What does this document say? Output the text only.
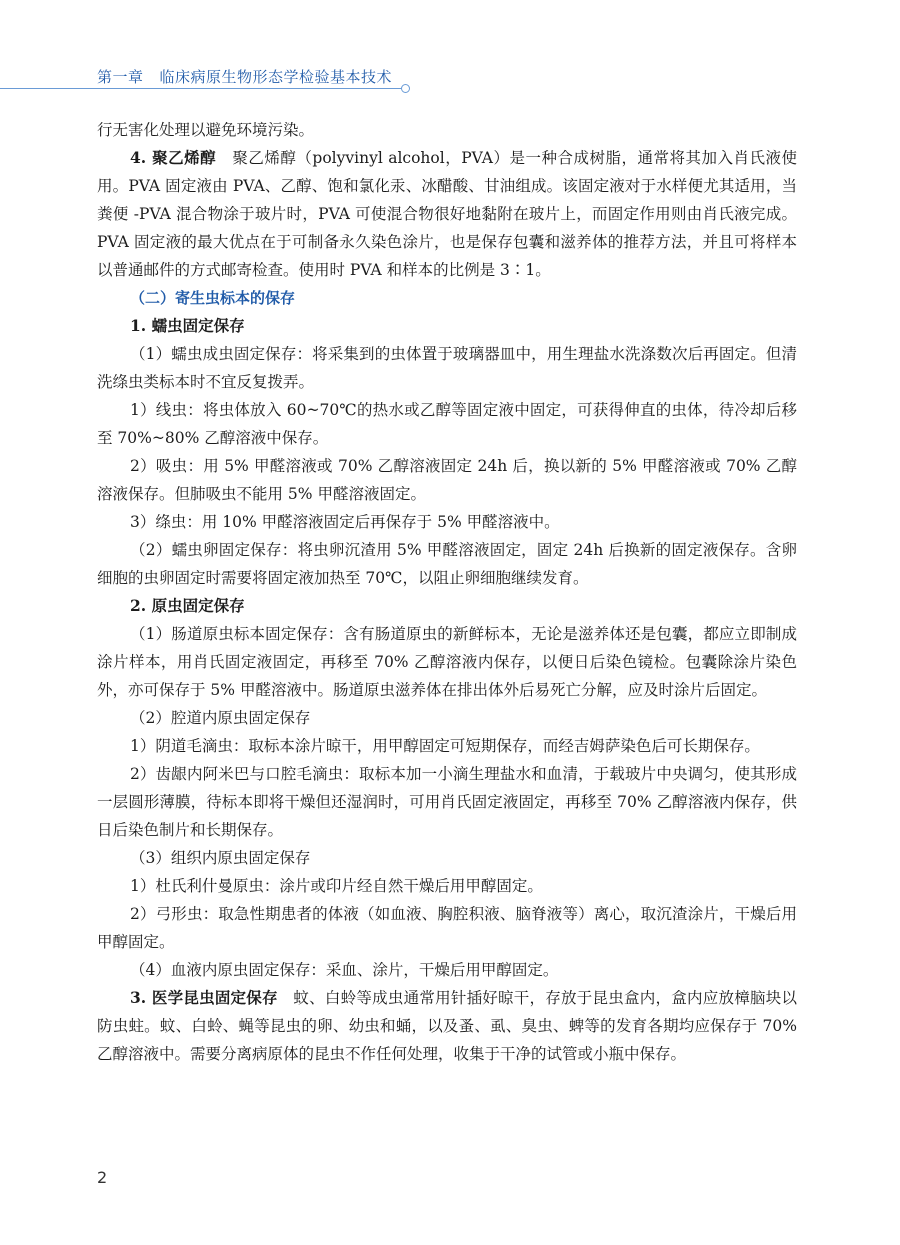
第一章 临床病原生物形态学检验基本技术

行无害化处理以避免环境污染。

4. 聚乙烯醇 聚乙烯醇（polyvinyl alcohol，PVA）是一种合成树脂，通常将其加入肖氏液使用。PVA 固定液由 PVA、乙醇、饱和氯化汞、冰醋酸、甘油组成。该固定液对于水样便尤其适用，当粪便 -PVA 混合物涂于玻片时，PVA 可使混合物很好地黏附在玻片上，而固定作用则由肖氏液完成。PVA 固定液的最大优点在于可制备永久染色涂片，也是保存包囊和滋养体的推荐方法，并且可将样本以普通邮件的方式邮寄检查。使用时 PVA 和样本的比例是 3∶1。

（二）寄生虫标本的保存

1. 蠕虫固定保存

（1）蠕虫成虫固定保存：将采集到的虫体置于玻璃器皿中，用生理盐水洗涤数次后再固定。但清洗绦虫类标本时不宜反复拨弄。

1）线虫：将虫体放入 60~70℃的热水或乙醇等固定液中固定，可获得伸直的虫体，待冷却后移至 70%~80% 乙醇溶液中保存。

2）吸虫：用 5% 甲醛溶液或 70% 乙醇溶液固定 24h 后，换以新的 5% 甲醛溶液或 70% 乙醇溶液保存。但肺吸虫不能用 5% 甲醛溶液固定。

3）绦虫：用 10% 甲醛溶液固定后再保存于 5% 甲醛溶液中。

（2）蠕虫卵固定保存：将虫卵沉渣用 5% 甲醛溶液固定，固定 24h 后换新的固定液保存。含卵细胞的虫卵固定时需要将固定液加热至 70℃，以阻止卵细胞继续发育。

2. 原虫固定保存

（1）肠道原虫标本固定保存：含有肠道原虫的新鲜标本，无论是滋养体还是包囊，都应立即制成涂片样本，用肖氏固定液固定，再移至 70% 乙醇溶液内保存，以便日后染色镜检。包囊除涂片染色外，亦可保存于 5% 甲醛溶液中。肠道原虫滋养体在排出体外后易死亡分解，应及时涂片后固定。

（2）腔道内原虫固定保存

1）阴道毛滴虫：取标本涂片晾干，用甲醇固定可短期保存，而经吉姆萨染色后可长期保存。

2）齿龈内阿米巴与口腔毛滴虫：取标本加一小滴生理盐水和血清，于载玻片中央调匀，使其形成一层圆形薄膜，待标本即将干燥但还湿润时，可用肖氏固定液固定，再移至 70% 乙醇溶液内保存，供日后染色制片和长期保存。

（3）组织内原虫固定保存

1）杜氏利什曼原虫：涂片或印片经自然干燥后用甲醇固定。

2）弓形虫：取急性期患者的体液（如血液、胸腔积液、脑脊液等）离心，取沉渣涂片，干燥后用甲醇固定。

（4）血液内原虫固定保存：采血、涂片，干燥后用甲醇固定。

3. 医学昆虫固定保存 蚊、白蛉等成虫通常用针插好晾干，存放于昆虫盒内，盒内应放樟脑块以防虫蛀。蚊、白蛉、蝇等昆虫的卵、幼虫和蛹，以及蚤、虱、臭虫、蜱等的发育各期均应保存于 70% 乙醇溶液中。需要分离病原体的昆虫不作任何处理，收集于干净的试管或小瓶中保存。

2
